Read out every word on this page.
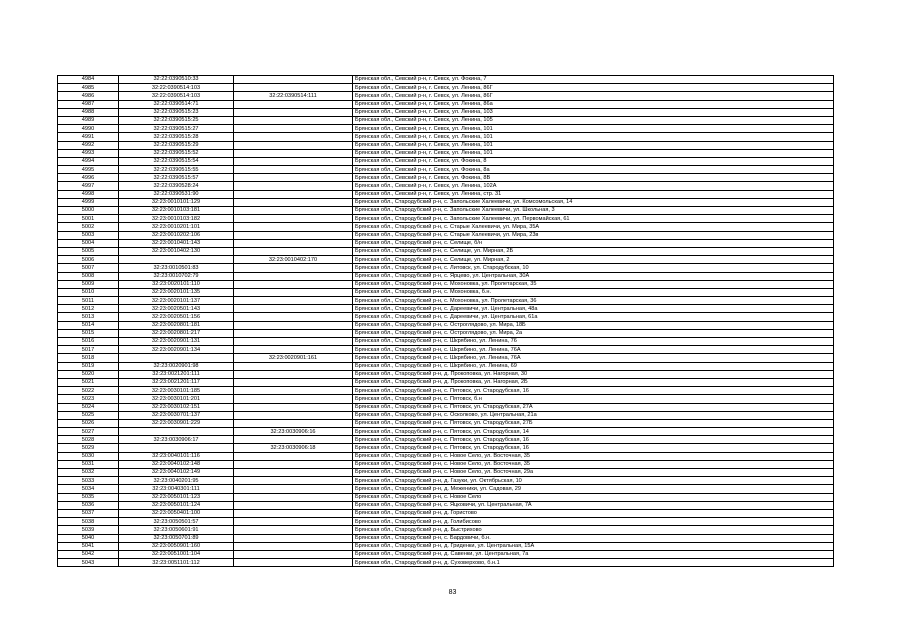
4984	32:22:0390510:33		Брянская обл., Севский р-н, г. Севск, ул. Фокина, 7
4985	32:22:0390514:103		Брянская обл., Севский р-н, г. Севск, ул. Ленина, 86Г
4986	32:22:0390514:103	32:22:0390514:111	Брянская обл., Севский р-н, г. Севск, ул. Ленина, 86Г
4987	32:22:0390514:71		Брянская обл., Севский р-н, г. Севск, ул. Ленина, 86а
4988	32:22:0390515:23		Брянская обл., Севский р-н, г. Севск, ул. Ленина, 103
4989	32:22:0390515:25		Брянская обл., Севский р-н, г. Севск, ул. Ленина, 105
4990	32:22:0390515:27		Брянская обл., Севский р-н, г. Севск, ул. Ленина, 101
4991	32:22:0390515:28		Брянская обл., Севский р-н, г. Севск, ул. Ленина, 101
4992	32:22:0390515:29		Брянская обл., Севский р-н, г. Севск, ул. Ленина, 101
4993	32:22:0390515:52		Брянская обл., Севский р-н, г. Севск, ул. Ленина, 101
4994	32:22:0390515:54		Брянская обл., Севский р-н, г. Севск, ул. Фокина, 8
4995	32:22:0390515:55		Брянская обл., Севский р-н, г. Севск, ул. Фокина, 8а
4996	32:22:0390515:57		Брянская обл., Севский р-н, г. Севск, ул. Фокина, 8В
4997	32:22:0390528:24		Брянская обл., Севский р-н, г. Севск, ул. Ленина, 102А
4998	32:22:0390531:90		Брянская обл., Севский р-н, г. Севск, ул. Ленина, стр. 31
4999	32:23:0010101:129		Брянская обл., Стародубский р-н, с. Запольские Халеевичи, ул. Комсомольская, 14
5000	32:23:0010103:181		Брянская обл., Стародубский р-н, с. Запольские Халеевичи, ул. Школьная, 3
5001	32:23:0010103:182		Брянская обл., Стародубский р-н, с. Запольские Халеевичи, ул. Первомайская, 61
5002	32:23:0010201:101		Брянская обл., Стародубский р-н, с. Старые Халеевичи, ул. Мира, 35А
5003	32:23:0010202:106		Брянская обл., Стародубский р-н, с. Старые Халеевичи, ул. Мира, 23в
5004	32:23:0010401:143		Брянская обл., Стародубский р-н, с. Селище, б/н
5005	32:23:0010402:130		Брянская обл., Стародубский р-н, с. Селище, ул. Мирная, 2Б
5006		32:23:0010402:170	Брянская обл., Стародубский р-н, с. Селище, ул. Мирная, 2
5007	32:23:0010501:83		Брянская обл., Стародубский р-н, с. Литовск, ул. Стародубская, 10
5008	32:23:0010702:79		Брянская обл., Стародубский р-н, с. Ярцево, ул. Центральная, 30А
5009	32:23:0020101:110		Брянская обл., Стародубский р-н, с. Мохоновка, ул. Пролетарская, 35
5010	32:23:0020101:135		Брянская обл., Стародубский р-н, с. Мохоновка, б.н.
5011	32:23:0020101:137		Брянская обл., Стародубский р-н, с. Мохоновка, ул. Пролетарская, 36
5012	32:23:0020501:143		Брянская обл., Стародубский р-н, с. Дареевичи, ул. Центральная, 48а
5013	32:23:0020501:156		Брянская обл., Стародубский р-н, с. Дареевичи, ул. Центральная, 61а
5014	32:23:0020801:181		Брянская обл., Стародубский р-н, с. Остроглядово, ул. Мира, 18Б
5015	32:23:0020801:217		Брянская обл., Стародубский р-н, с. Остроглядово, ул. Мира, 2а
5016	32:23:0020901:131		Брянская обл., Стародубский р-н, с. Шкрябино, ул. Ленина, 76
5017	32:23:0020901:134		Брянская обл., Стародубский р-н, с. Шкрябино, ул. Ленина, 76А
5018		32:23:0020901:161	Брянская обл., Стародубский р-н, с. Шкрябино, ул. Ленина, 76А
5019	32:23:0020901:98		Брянская обл., Стародубский р-н, с. Шкрябино, ул. Ленина, 69
5020	32:23:0021201:111		Брянская обл., Стародубский р-н, д. Прокоповка, ул. Нагорная, 30
5021	32:23:0021201:117		Брянская обл., Стародубский р-н, д. Прокоповка, ул. Нагорная, 2Б
5022	32:23:0030101:185		Брянская обл., Стародубский р-н, с. Пятовск, ул. Стародубская, 16
5023	32:23:0030101:201		Брянская обл., Стародубский р-н, с. Пятовск, б.н
5024	32:23:0030102:151		Брянская обл., Стародубский р-н, с. Пятовск, ул. Стародубская, 27А
5025	32:23:0030701:137		Брянская обл., Стародубский р-н, с. Осколково, ул. Центральная, 21а
5026	32:23:0030901:229		Брянская обл., Стародубский р-н, с. Пятовск, ул. Стародубская, 27Б
5027		32:23:0030906:16	Брянская обл., Стародубский р-н, с. Пятовск, ул. Стародубская, 14
5028	32:23:0030906:17		Брянская обл., Стародубский р-н, с. Пятовск, ул. Стародубская, 16
5029		32:23:0030906:18	Брянская обл., Стародубский р-н, с. Пятовск, ул. Стародубская, 16
5030	32:23:0040101:116		Брянская обл., Стародубский р-н, с. Новое Село, ул. Восточная, 35
5031	32:23:0040102:148		Брянская обл., Стародубский р-н, с. Новое Село, ул. Восточная, 35
5032	32:23:0040102:149		Брянская обл., Стародубский р-н, с. Новое Село, ул. Восточная, 29а
5033	32:23:0040201:95		Брянская обл., Стародубский р-н, д. Газуки, ул. Октябрьская, 10
5034	32:23:0040301:111		Брянская обл., Стародубский р-н, д. Меженики, ул. Садовая, 29
5035	32:23:0050101:123		Брянская обл., Стародубский р-н, с. Новое Село
5036	32:23:0050101:124		Брянская обл., Стародубский р-н, с. Яцковичи, ул. Центральная, 7А
5037	32:23:0050401:100		Брянская обл., Стародубский р-н, д. Гористово
5038	32:23:0050501:57		Брянская обл., Стародубский р-н, д. Голибисово
5039	32:23:0050601:91		Брянская обл., Стародубский р-н, д. Быстрихово
5040	32:23:0050701:89		Брянская обл., Стародубский р-н, с. Бардовичи, б.н.
5041	32:23:0050901:160		Брянская обл., Стародубский р-н, д. Гриденки, ул. Центральная, 15А
5042	32:23:0051001:104		Брянская обл., Стародубский р-н, д. Савенки, ул. Центральная, 7а
5043	32:23:0051101:112		Брянская обл., Стародубский р-н, д. Суховерхово, б.н.1
83
